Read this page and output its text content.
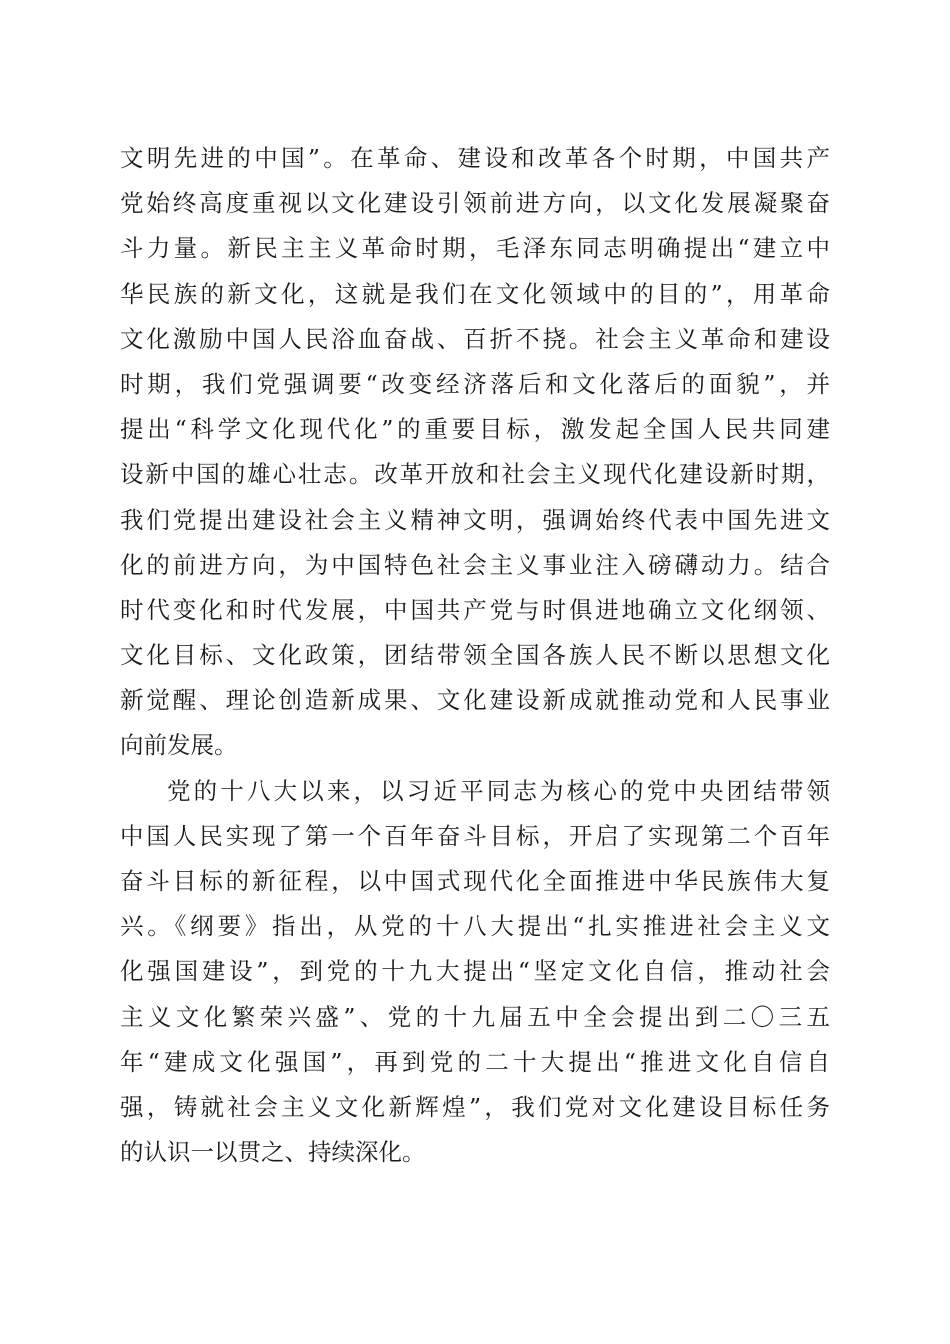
文明先进的中国”。在革命、建设和改革各个时期，中国共产
党始终高度重视以文化建设引领前进方向，以文化发展凝聚奋
斗力量。新民主主义革命时期，毛泽东同志明确提出“建立中
华民族的新文化，这就是我们在文化领域中的目的”，用革命
文化激励中国人民浴血奋战、百折不挠。社会主义革命和建设
时期，我们党强调要“改变经济落后和文化落后的面貌”，并
提出“科学文化现代化”的重要目标，激发起全国人民共同建
设新中国的雄心壮志。改革开放和社会主义现代化建设新时期，
我们党提出建设社会主义精神文明，强调始终代表中国先进文
化的前进方向，为中国特色社会主义事业注入磅礴动力。结合
时代变化和时代发展，中国共产党与时俱进地确立文化纲领、
文化目标、文化政策，团结带领全国各族人民不断以思想文化
新觉醒、理论创造新成果、文化建设新成就推动党和人民事业
向前发展。
党的十八大以来，以习近平同志为核心的党中央团结带领
中国人民实现了第一个百年奋斗目标，开启了实现第二个百年
奋斗目标的新征程，以中国式现代化全面推进中华民族伟大复
兴。《纲要》指出，从党的十八大提出“扎实推进社会主义文
化强国建设”，到党的十九大提出“坚定文化自信，推动社会
主义文化繁荣兴盛”、党的十九届五中全会提出到二〇三五
年“建成文化强国”，再到党的二十大提出“推进文化自信自
强，铸就社会主义文化新辉煌”，我们党对文化建设目标任务
的认识一以贯之、持续深化。
